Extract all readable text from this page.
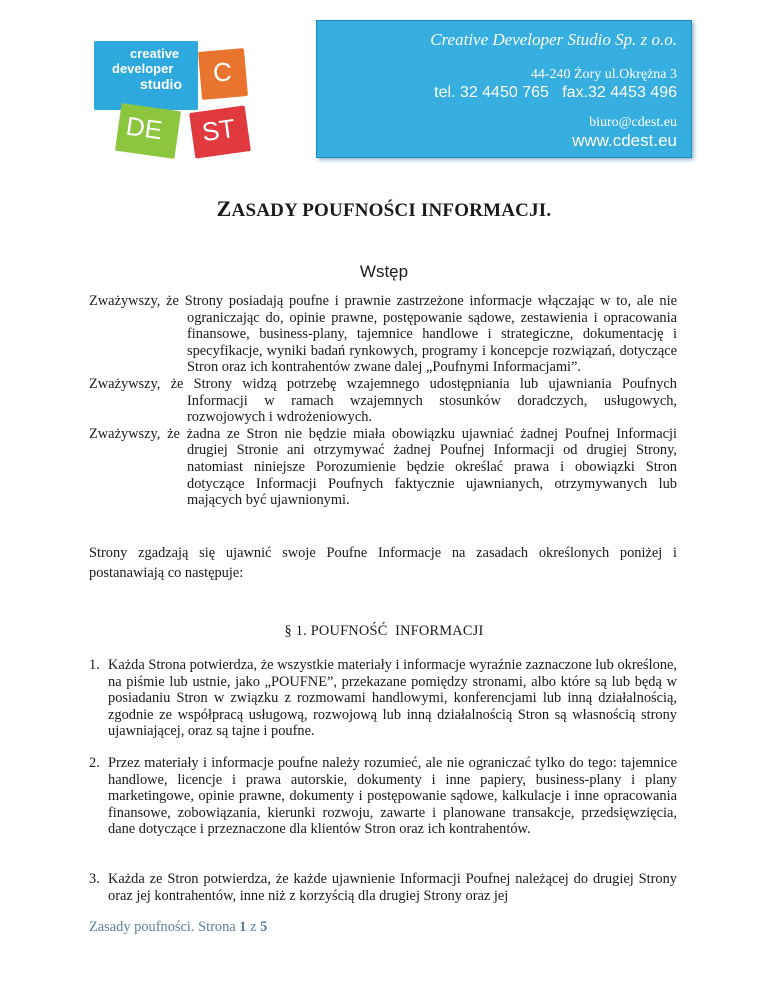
creative
developer
studio C
DE ST
Creative Developer Studio Sp. z o.o.
44-240 Żory ul.Okrężna 3
tel. 32 4450 765   fax.32 4453 496
biuro@cdest.eu
www.cdest.eu
ZASADY POUFNOŚCI INFORMACJI.
Wstęp

Zważywszy, że Strony posiadają poufne i prawnie zastrzeżone informacje włączając w to, ale nie ograniczając do, opinie prawne, postępowanie sądowe, zestawienia i opracowania finansowe, business-plany, tajemnice handlowe i strategiczne, dokumentację i specyfikacje, wyniki badań rynkowych, programy i koncepcje rozwiązań, dotyczące Stron oraz ich kontrahentów zwane dalej „Poufnymi Informacjami”.

Zważywszy, że Strony widzą potrzebę wzajemnego udostępniania lub ujawniania Poufnych Informacji w ramach wzajemnych stosunków doradczych, usługowych, rozwojowych i wdrożeniowych.

Zważywszy, że żadna ze Stron nie będzie miała obowiązku ujawniać żadnej Poufnej Informacji drugiej Stronie ani otrzymywać żadnej Poufnej Informacji od drugiej Strony, natomiast niniejsze Porozumienie będzie określać prawa i obowiązki Stron dotyczące Informacji Poufnych faktycznie ujawnianych, otrzymywanych lub mających być ujawnionymi.

Strony zgadzają się ujawnić swoje Poufne Informacje na zasadach określonych poniżej i postanawiają co następuje:
§ 1. POUFNOŚĆ  INFORMACJI
1. Każda Strona potwierdza, że wszystkie materiały i informacje wyraźnie zaznaczone lub określone, na piśmie lub ustnie, jako „POUFNE”, przekazane pomiędzy stronami, albo które są lub będą w posiadaniu Stron w związku z rozmowami handlowymi, konferencjami lub inną działalnością, zgodnie ze współpracą usługową, rozwojową lub inną działalnością Stron są własnością strony ujawniającej, oraz są tajne i poufne.
2. Przez materiały i informacje poufne należy rozumieć, ale nie ograniczać tylko do tego: tajemnice handlowe, licencje i prawa autorskie, dokumenty i inne papiery, business-plany i plany marketingowe, opinie prawne, dokumenty i postępowanie sądowe, kalkulacje i inne opracowania finansowe, zobowiązania, kierunki rozwoju, zawarte i planowane transakcje, przedsięwzięcia, dane dotyczące i przeznaczone dla klientów Stron oraz ich kontrahentów.
3. Każda ze Stron potwierdza, że każde ujawnienie Informacji Poufnej należącej do drugiej Strony oraz jej kontrahentów, inne niż z korzyścią dla drugiej Strony oraz jej
Zasady poufności. Strona 1 z 5
